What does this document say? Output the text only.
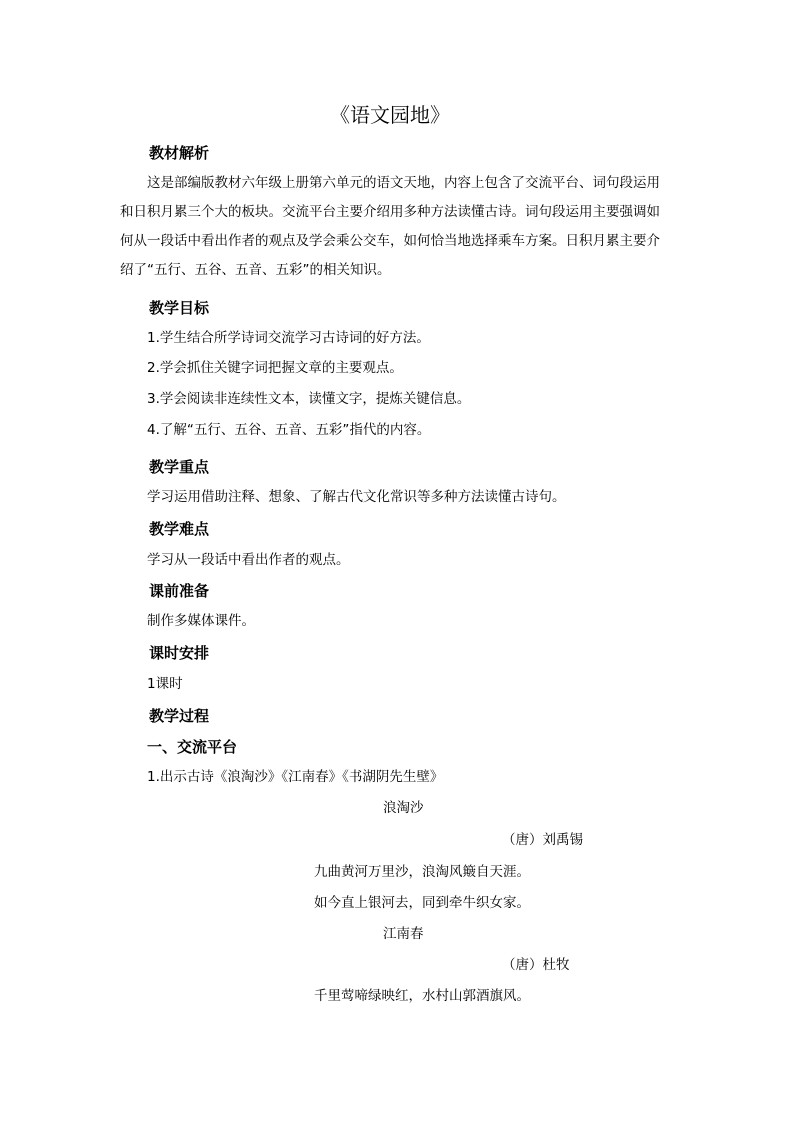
《语文园地》
教材解析
这是部编版教材六年级上册第六单元的语文天地，内容上包含了交流平台、词句段运用
和日积月累三个大的板块。交流平台主要介绍用多种方法读懂古诗。词句段运用主要强调如
何从一段话中看出作者的观点及学会乘公交车，如何恰当地选择乘车方案。日积月累主要介
绍了“五行、五谷、五音、五彩”的相关知识。
教学目标
1.学生结合所学诗词交流学习古诗词的好方法。
2.学会抓住关键字词把握文章的主要观点。
3.学会阅读非连续性文本，读懂文字，提炼关键信息。
4.了解“五行、五谷、五音、五彩”指代的内容。
教学重点
学习运用借助注释、想象、了解古代文化常识等多种方法读懂古诗句。
教学难点
学习从一段话中看出作者的观点。
课前准备
制作多媒体课件。
课时安排
1课时
教学过程
一、交流平台
1.出示古诗《浪淘沙》《江南春》《书湖阴先生壁》
浪淘沙
（唐）刘禹锡
九曲黄河万里沙，浪淘风簸自天涯。
如今直上银河去，同到牵牛织女家。
江南春
（唐）杜牧
千里莺啼绿映红，水村山郭酒旗风。
